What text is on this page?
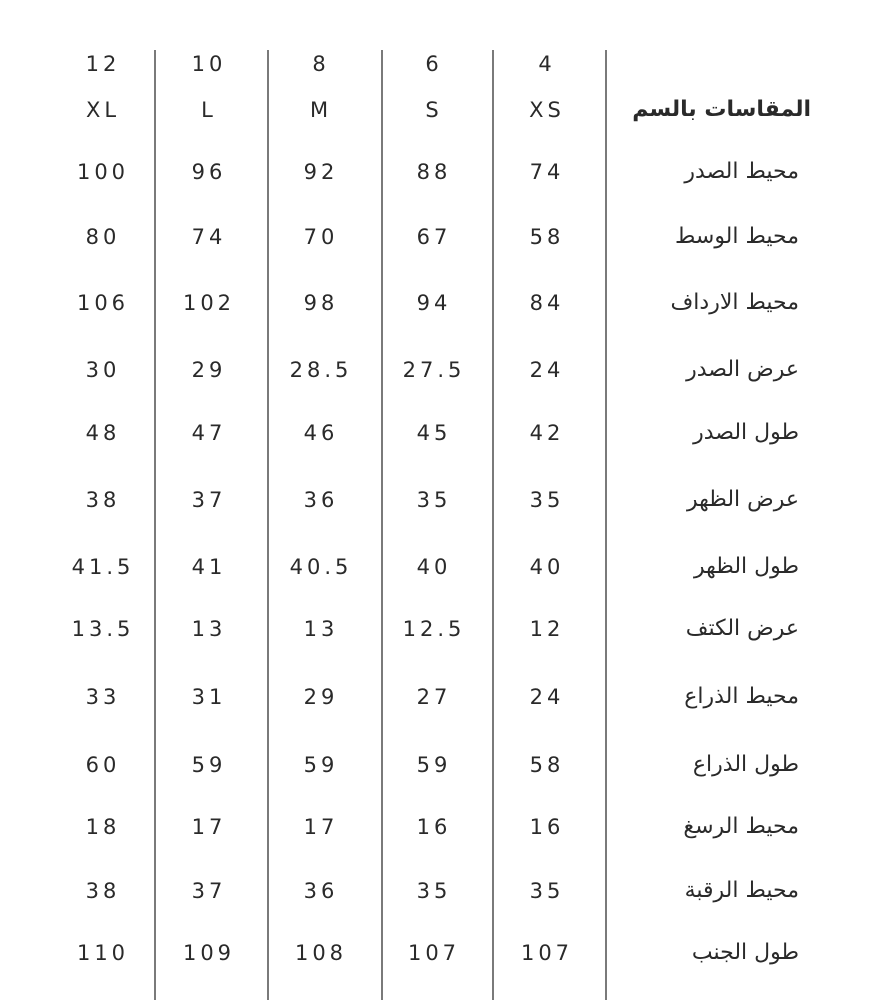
4
XS
6
S
8
M
10
L
12
XL	المقاسات بالسم
محيط الصدر
74
88
92
96
100
محيط الوسط
58
67
70
74
80
محيط الارداف
84
94
98
102
106
عرض الصدر
24
27.5
28.5
29
30
طول الصدر
42
45
46
47
48
عرض الظهر
35
35
36
37
38
طول الظهر
40
40
40.5
41
41.5
عرض الكتف
12
12.5
13
13
13.5
محيط الذراع
24
27
29
31
33
طول الذراع
58
59
59
59
60
محيط الرسغ
16
16
17
17
18
محيط الرقبة
35
35
36
37
38
طول الجنب
107
107
108
109
110
